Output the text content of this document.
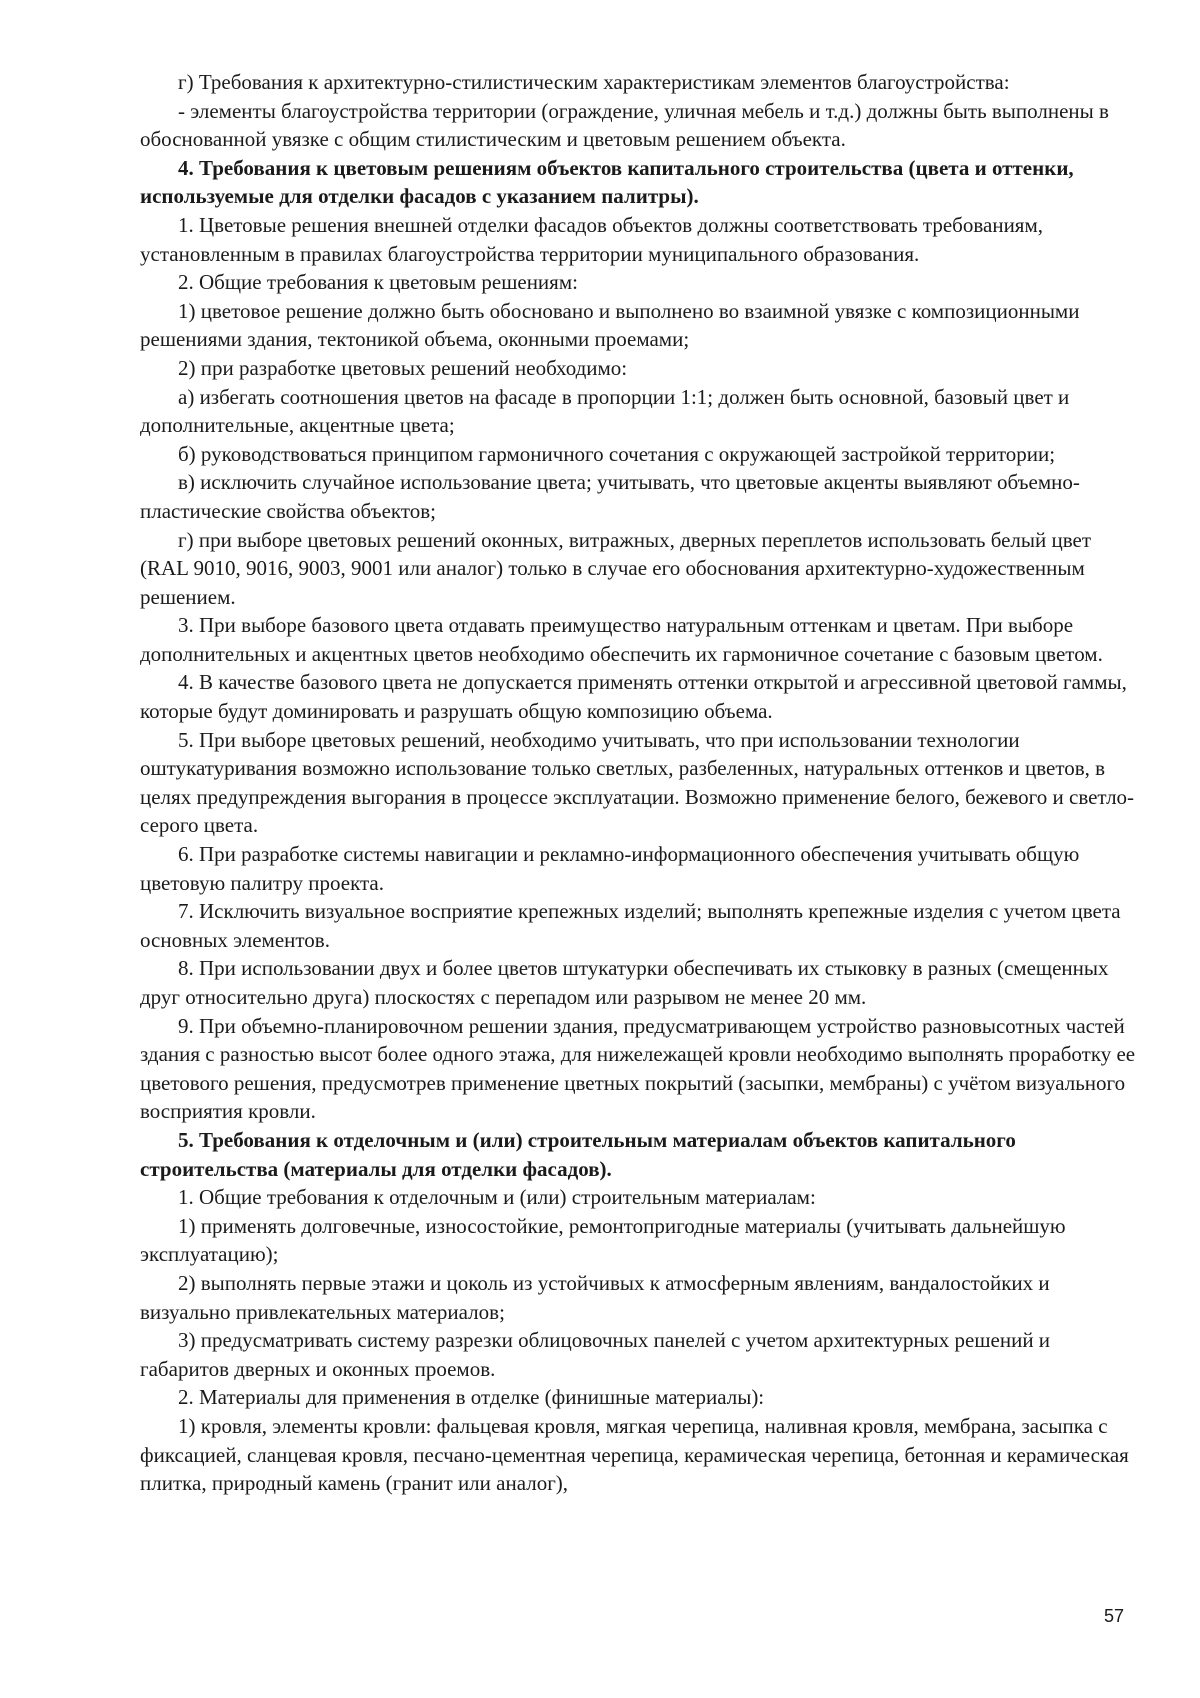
г) Требования к архитектурно-стилистическим характеристикам элементов благоустройства:

- элементы благоустройства территории (ограждение, уличная мебель и т.д.) должны быть выполнены в обоснованной увязке с общим стилистическим и цветовым решением объекта.

4. Требования к цветовым решениям объектов капитального строительства (цвета и оттенки, используемые для отделки фасадов с указанием палитры).

1. Цветовые решения внешней отделки фасадов объектов должны соответствовать требованиям, установленным в правилах благоустройства территории муниципального образования.

2. Общие требования к цветовым решениям:

1) цветовое решение должно быть обосновано и выполнено во взаимной увязке с композиционными решениями здания, тектоникой объема, оконными проемами;

2) при разработке цветовых решений необходимо:

а) избегать соотношения цветов на фасаде в пропорции 1:1; должен быть основной, базовый цвет и дополнительные, акцентные цвета;

б) руководствоваться принципом гармоничного сочетания с окружающей застройкой территории;

в) исключить случайное использование цвета; учитывать, что цветовые акценты выявляют объемно-пластические свойства объектов;

г) при выборе цветовых решений оконных, витражных, дверных переплетов использовать белый цвет (RAL 9010, 9016, 9003, 9001 или аналог) только в случае его обоснования архитектурно-художественным решением.

3. При выборе базового цвета отдавать преимущество натуральным оттенкам и цветам. При выборе дополнительных и акцентных цветов необходимо обеспечить их гармоничное сочетание с базовым цветом.

4. В качестве базового цвета не допускается применять оттенки открытой и агрессивной цветовой гаммы, которые будут доминировать и разрушать общую композицию объема.

5. При выборе цветовых решений, необходимо учитывать, что при использовании технологии оштукатуривания возможно использование только светлых, разбеленных, натуральных оттенков и цветов, в целях предупреждения выгорания в процессе эксплуатации. Возможно применение белого, бежевого и светло-серого цвета.

6. При разработке системы навигации и рекламно-информационного обеспечения учитывать общую цветовую палитру проекта.

7. Исключить визуальное восприятие крепежных изделий; выполнять крепежные изделия с учетом цвета основных элементов.

8. При использовании двух и более цветов штукатурки обеспечивать их стыковку в разных (смещенных друг относительно друга) плоскостях с перепадом или разрывом не менее 20 мм.

9. При объемно-планировочном решении здания, предусматривающем устройство разновысотных частей здания с разностью высот более одного этажа, для нижележащей кровли необходимо выполнять проработку ее цветового решения, предусмотрев применение цветных покрытий (засыпки, мембраны) с учётом визуального восприятия кровли.

5. Требования к отделочным и (или) строительным материалам объектов капитального строительства (материалы для отделки фасадов).

1. Общие требования к отделочным и (или) строительным материалам:

1) применять долговечные, износостойкие, ремонтопригодные материалы (учитывать дальнейшую эксплуатацию);

2) выполнять первые этажи и цоколь из устойчивых к атмосферным явлениям, вандалостойких и визуально привлекательных материалов;

3) предусматривать систему разрезки облицовочных панелей с учетом архитектурных решений и габаритов дверных и оконных проемов.

2. Материалы для применения в отделке (финишные материалы):

1) кровля, элементы кровли: фальцевая кровля, мягкая черепица, наливная кровля, мембрана, засыпка с фиксацией, сланцевая кровля, песчано-цементная черепица, керамическая черепица, бетонная и керамическая плитка, природный камень (гранит или аналог),

57
